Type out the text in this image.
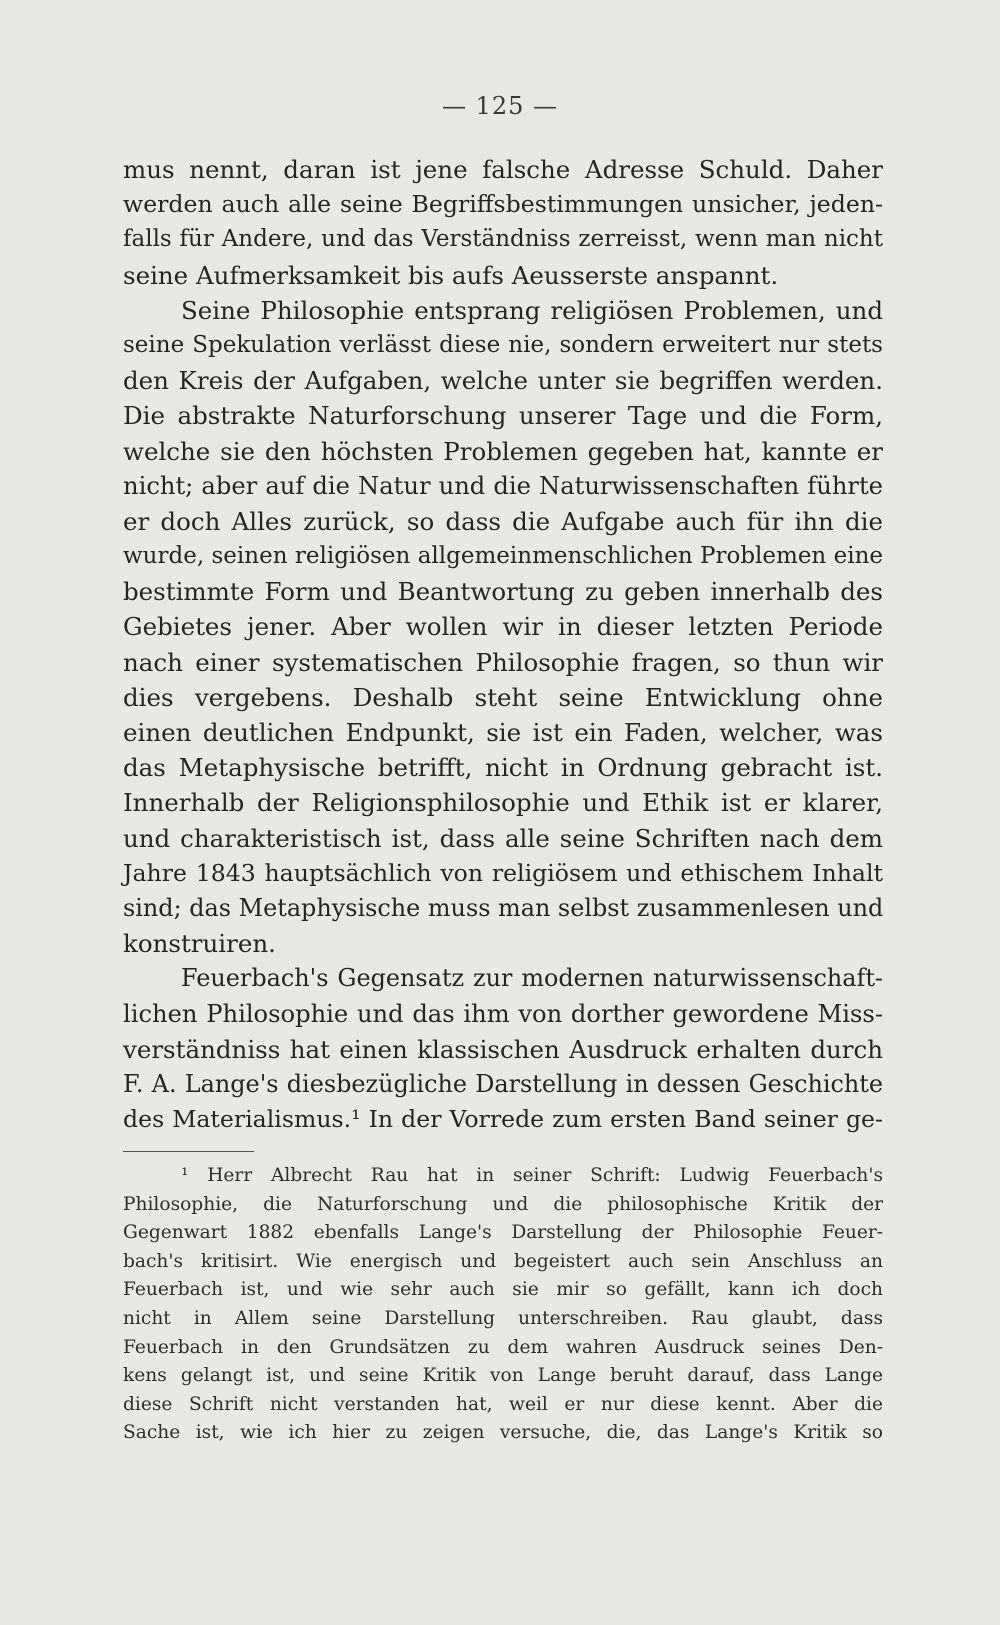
— 125 —
mus nennt, daran ist jene falsche Adresse Schuld. Daher
werden auch alle seine Begriffsbestimmungen unsicher, jeden-
falls für Andere, und das Verständniss zerreisst, wenn man nicht
seine Aufmerksamkeit bis aufs Aeusserste anspannt.
Seine Philosophie entsprang religiösen Problemen, und
seine Spekulation verlässt diese nie, sondern erweitert nur stets
den Kreis der Aufgaben, welche unter sie begriffen werden.
Die abstrakte Naturforschung unserer Tage und die Form,
welche sie den höchsten Problemen gegeben hat, kannte er
nicht; aber auf die Natur und die Naturwissenschaften führte
er doch Alles zurück, so dass die Aufgabe auch für ihn die
wurde, seinen religiösen allgemeinmenschlichen Problemen eine
bestimmte Form und Beantwortung zu geben innerhalb des
Gebietes jener. Aber wollen wir in dieser letzten Periode
nach einer systematischen Philosophie fragen, so thun wir
dies vergebens. Deshalb steht seine Entwicklung ohne
einen deutlichen Endpunkt, sie ist ein Faden, welcher, was
das Metaphysische betrifft, nicht in Ordnung gebracht ist.
Innerhalb der Religionsphilosophie und Ethik ist er klarer,
und charakteristisch ist, dass alle seine Schriften nach dem
Jahre 1843 hauptsächlich von religiösem und ethischem Inhalt
sind; das Metaphysische muss man selbst zusammenlesen und
konstruiren.
Feuerbach's Gegensatz zur modernen naturwissenschaft-
lichen Philosophie und das ihm von dorther gewordene Miss-
verständniss hat einen klassischen Ausdruck erhalten durch
F. A. Lange's diesbezügliche Darstellung in dessen Geschichte
des Materialismus.¹ In der Vorrede zum ersten Band seiner ge-
¹ Herr Albrecht Rau hat in seiner Schrift: Ludwig Feuerbach's
Philosophie, die Naturforschung und die philosophische Kritik der
Gegenwart 1882 ebenfalls Lange's Darstellung der Philosophie Feuer-
bach's kritisirt. Wie energisch und begeistert auch sein Anschluss an
Feuerbach ist, und wie sehr auch sie mir so gefällt, kann ich doch
nicht in Allem seine Darstellung unterschreiben. Rau glaubt, dass
Feuerbach in den Grundsätzen zu dem wahren Ausdruck seines Den-
kens gelangt ist, und seine Kritik von Lange beruht darauf, dass Lange
diese Schrift nicht verstanden hat, weil er nur diese kennt. Aber die
Sache ist, wie ich hier zu zeigen versuche, die, das Lange's Kritik so
